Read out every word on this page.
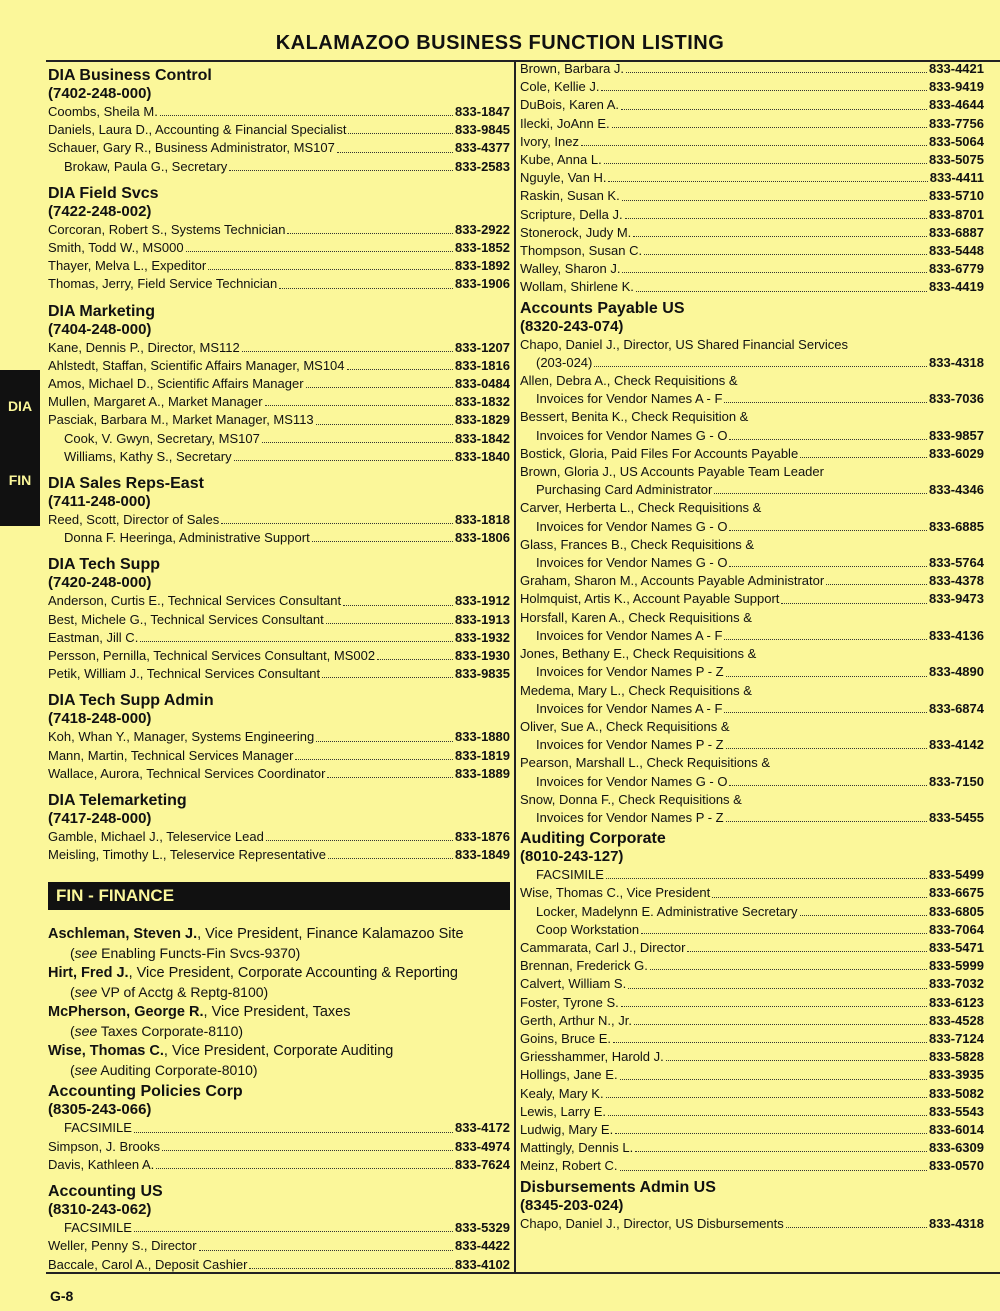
KALAMAZOO BUSINESS FUNCTION LISTING
DIA
FIN
DIA Business Control
(7402-248-000)
Coombs, Sheila M.	833-1847
Daniels, Laura D., Accounting & Financial Specialist	833-9845
Schauer, Gary R., Business Administrator, MS107	833-4377
Brokaw, Paula G., Secretary	833-2583
DIA Field Svcs
(7422-248-002)
Corcoran, Robert S., Systems Technician	833-2922
Smith, Todd W., MS000	833-1852
Thayer, Melva L., Expeditor	833-1892
Thomas, Jerry, Field Service Technician	833-1906
DIA Marketing
(7404-248-000)
Kane, Dennis P., Director, MS112	833-1207
Ahlstedt, Staffan, Scientific Affairs Manager, MS104	833-1816
Amos, Michael D., Scientific Affairs Manager	833-0484
Mullen, Margaret A., Market Manager	833-1832
Pasciak, Barbara M., Market Manager, MS113	833-1829
Cook, V. Gwyn, Secretary, MS107	833-1842
Williams, Kathy S., Secretary	833-1840
DIA Sales Reps-East
(7411-248-000)
Reed, Scott, Director of Sales	833-1818
Donna F. Heeringa, Administrative Support	833-1806
DIA Tech Supp
(7420-248-000)
Anderson, Curtis E., Technical Services Consultant	833-1912
Best, Michele G., Technical Services Consultant	833-1913
Eastman, Jill C.	833-1932
Persson, Pernilla, Technical Services Consultant, MS002	833-1930
Petik, William J., Technical Services Consultant	833-9835
DIA Tech Supp Admin
(7418-248-000)
Koh, Whan Y., Manager, Systems Engineering	833-1880
Mann, Martin, Technical Services Manager	833-1819
Wallace, Aurora, Technical Services Coordinator	833-1889
DIA Telemarketing
(7417-248-000)
Gamble, Michael J., Teleservice Lead	833-1876
Meisling, Timothy L., Teleservice Representative	833-1849
FIN - FINANCE
Aschleman, Steven J., Vice President, Finance Kalamazoo Site
(see Enabling Functs-Fin Svcs-9370)
Hirt, Fred J., Vice President, Corporate Accounting & Reporting
(see VP of Acctg & Reptg-8100)
McPherson, George R., Vice President, Taxes
(see Taxes Corporate-8110)
Wise, Thomas C., Vice President, Corporate Auditing
(see Auditing Corporate-8010)
Accounting Policies Corp
(8305-243-066)
FACSIMILE	833-4172
Simpson, J. Brooks	833-4974
Davis, Kathleen A.	833-7624
Accounting US
(8310-243-062)
FACSIMILE	833-5329
Weller, Penny S., Director	833-4422
Baccale, Carol A., Deposit Cashier	833-4102
Brown, Barbara J.	833-4421
Cole, Kellie J.	833-9419
DuBois, Karen A.	833-4644
Ilecki, JoAnn E.	833-7756
Ivory, Inez	833-5064
Kube, Anna L.	833-5075
Nguyle, Van H.	833-4411
Raskin, Susan K.	833-5710
Scripture, Della J.	833-8701
Stonerock, Judy M.	833-6887
Thompson, Susan C.	833-5448
Walley, Sharon J.	833-6779
Wollam, Shirlene K.	833-4419
Accounts Payable US
(8320-243-074)
Chapo, Daniel J., Director, US Shared Financial Services
(203-024)	833-4318
Allen, Debra A., Check Requisitions &
Invoices for Vendor Names A - F	833-7036
Bessert, Benita K., Check Requisition &
Invoices for Vendor Names G - O	833-9857
Bostick, Gloria, Paid Files For Accounts Payable	833-6029
Brown, Gloria J., US Accounts Payable Team Leader
Purchasing Card Administrator	833-4346
Carver, Herberta L., Check Requisitions &
Invoices for Vendor Names G - O	833-6885
Glass, Frances B., Check Requisitions &
Invoices for Vendor Names G - O	833-5764
Graham, Sharon M., Accounts Payable Administrator	833-4378
Holmquist, Artis K., Account Payable Support	833-9473
Horsfall, Karen A., Check Requisitions &
Invoices for Vendor Names A - F	833-4136
Jones, Bethany E., Check Requisitions &
Invoices for Vendor Names P - Z	833-4890
Medema, Mary L., Check Requisitions &
Invoices for Vendor Names A - F	833-6874
Oliver, Sue A., Check Requisitions &
Invoices for Vendor Names P - Z	833-4142
Pearson, Marshall L., Check Requisitions &
Invoices for Vendor Names G - O	833-7150
Snow, Donna F., Check Requisitions &
Invoices for Vendor Names P - Z	833-5455
Auditing Corporate
(8010-243-127)
FACSIMILE	833-5499
Wise, Thomas C., Vice President	833-6675
Locker, Madelynn E. Administrative Secretary	833-6805
Coop Workstation	833-7064
Cammarata, Carl J., Director	833-5471
Brennan, Frederick G.	833-5999
Calvert, William S.	833-7032
Foster, Tyrone S.	833-6123
Gerth, Arthur N., Jr.	833-4528
Goins, Bruce E.	833-7124
Griesshammer, Harold J.	833-5828
Hollings, Jane E.	833-3935
Kealy, Mary K.	833-5082
Lewis, Larry E.	833-5543
Ludwig, Mary E.	833-6014
Mattingly, Dennis L.	833-6309
Meinz, Robert C.	833-0570
Disbursements Admin US
(8345-203-024)
Chapo, Daniel J., Director, US Disbursements	833-4318
G-8
